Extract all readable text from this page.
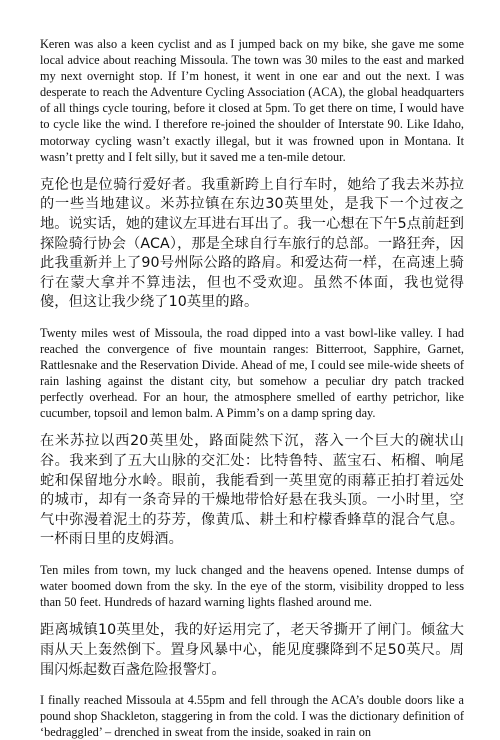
Keren was also a keen cyclist and as I jumped back on my bike, she gave me some local advice about reaching Missoula. The town was 30 miles to the east and marked my next overnight stop. If I’m honest, it went in one ear and out the next. I was desperate to reach the Adventure Cycling Association (ACA), the global headquarters of all things cycle touring, before it closed at 5pm. To get there on time, I would have to cycle like the wind. I therefore re-joined the shoulder of Interstate 90. Like Idaho, motorway cycling wasn’t exactly illegal, but it was frowned upon in Montana. It wasn’t pretty and I felt silly, but it saved me a ten-mile detour.

克伦也是位骑行爱好者。我重新跨上自行车时，她给了我去米苏拉的一些当地建议。米苏拉镇在东边30英里处，是我下一个过夜之地。说实话，她的建议左耳进右耳出了。我一心想在下午5点前赶到探险骑行协会（ACA），那是全球自行车旅行的总部。一路狂奔，因此我重新并上了90号州际公路的路肩。和爱达荷一样，在高速上骑行在蒙大拿并不算违法，但也不受欢迎。虽然不体面，我也觉得傻，但这让我少绕了10英里的路。

Twenty miles west of Missoula, the road dipped into a vast bowl-like valley. I had reached the convergence of five mountain ranges: Bitterroot, Sapphire, Garnet, Rattlesnake and the Reservation Divide. Ahead of me, I could see mile-wide sheets of rain lashing against the distant city, but somehow a peculiar dry patch tracked perfectly overhead. For an hour, the atmosphere smelled of earthy petrichor, like cucumber, topsoil and lemon balm. A Pimm’s on a damp spring day.

在米苏拉以西20英里处，路面陡然下沉，落入一个巨大的碗状山谷。我来到了五大山脉的交汇处：比特鲁特、蓝宝石、柘榴、响尾蛇和保留地分水岭。眼前，我能看到一英里宽的雨幕正拍打着远处的城市，却有一条奇异的干燥地带恰好悬在我头顶。一小时里，空气中弥漫着泥土的芬芳，像黄瓜、耕土和柠檬香蜂草的混合气息。一杯雨日里的皮姆酒。

Ten miles from town, my luck changed and the heavens opened. Intense dumps of water boomed down from the sky. In the eye of the storm, visibility dropped to less than 50 feet. Hundreds of hazard warning lights flashed around me.

距离城镇10英里处，我的好运用完了，老天爷撕开了闸门。倾盆大雨从天上轰然倒下。置身风暴中心，能见度骤降到不足50英尺。周围闪烁起数百盏危险报警灯。

I finally reached Missoula at 4.55pm and fell through the ACA’s double doors like a pound shop Shackleton, staggering in from the cold. I was the dictionary definition of ‘bedraggled’ – drenched in sweat from the inside, soaked in rain on
